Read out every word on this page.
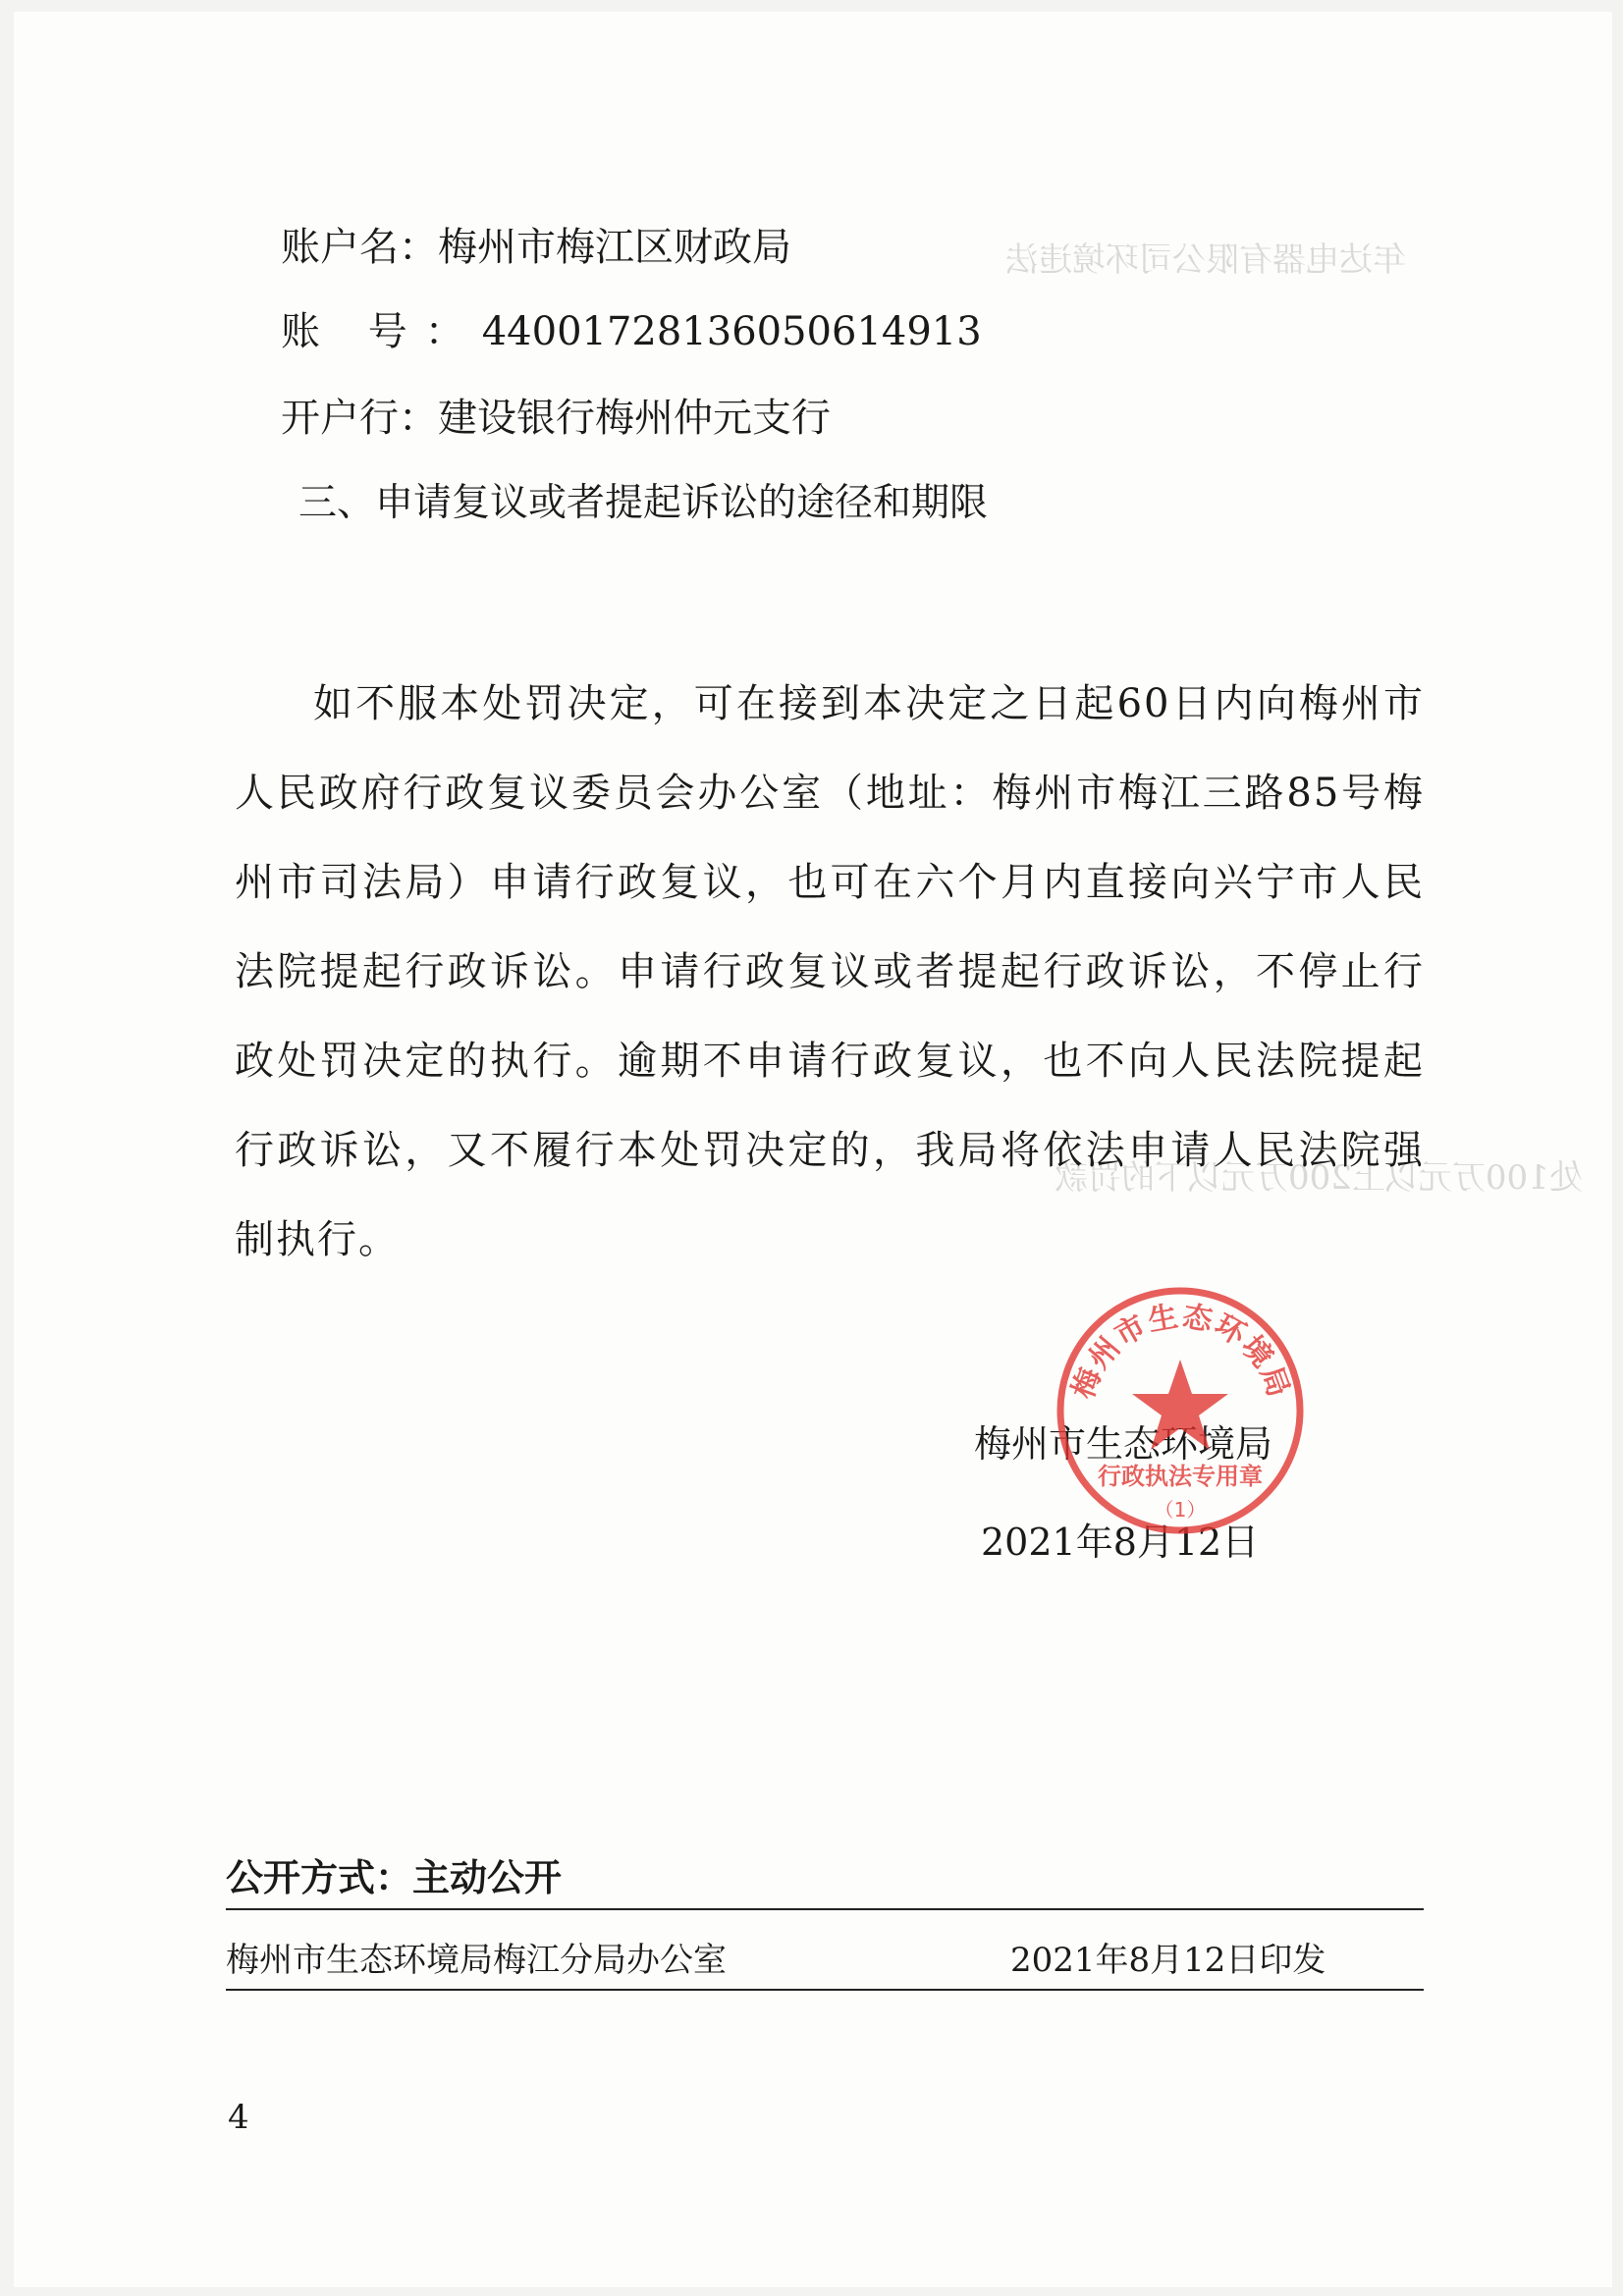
年达电器有限公司环境违法
处100万元以上200万元以下的罚款
账户名：梅州市梅江区财政局
账 号：44001728136050614913
开户行：建设银行梅州仲元支行
三、申请复议或者提起诉讼的途径和期限
如不服本处罚决定，可在接到本决定之日起60日内向梅州市人民政府行政复议委员会办公室（地址：梅州市梅江三路85号梅州市司法局）申请行政复议，也可在六个月内直接向兴宁市人民法院提起行政诉讼。申请行政复议或者提起行政诉讼，不停止行政处罚决定的执行。逾期不申请行政复议，也不向人民法院提起行政诉讼，又不履行本处罚决定的，我局将依法申请人民法院强制执行。
梅州市生态环境局
2021年8月12日
梅州市生态环境局
行政执法专用章
（1）
公开方式：主动公开
梅州市生态环境局梅江分局办公室	2021年8月12日印发
4
